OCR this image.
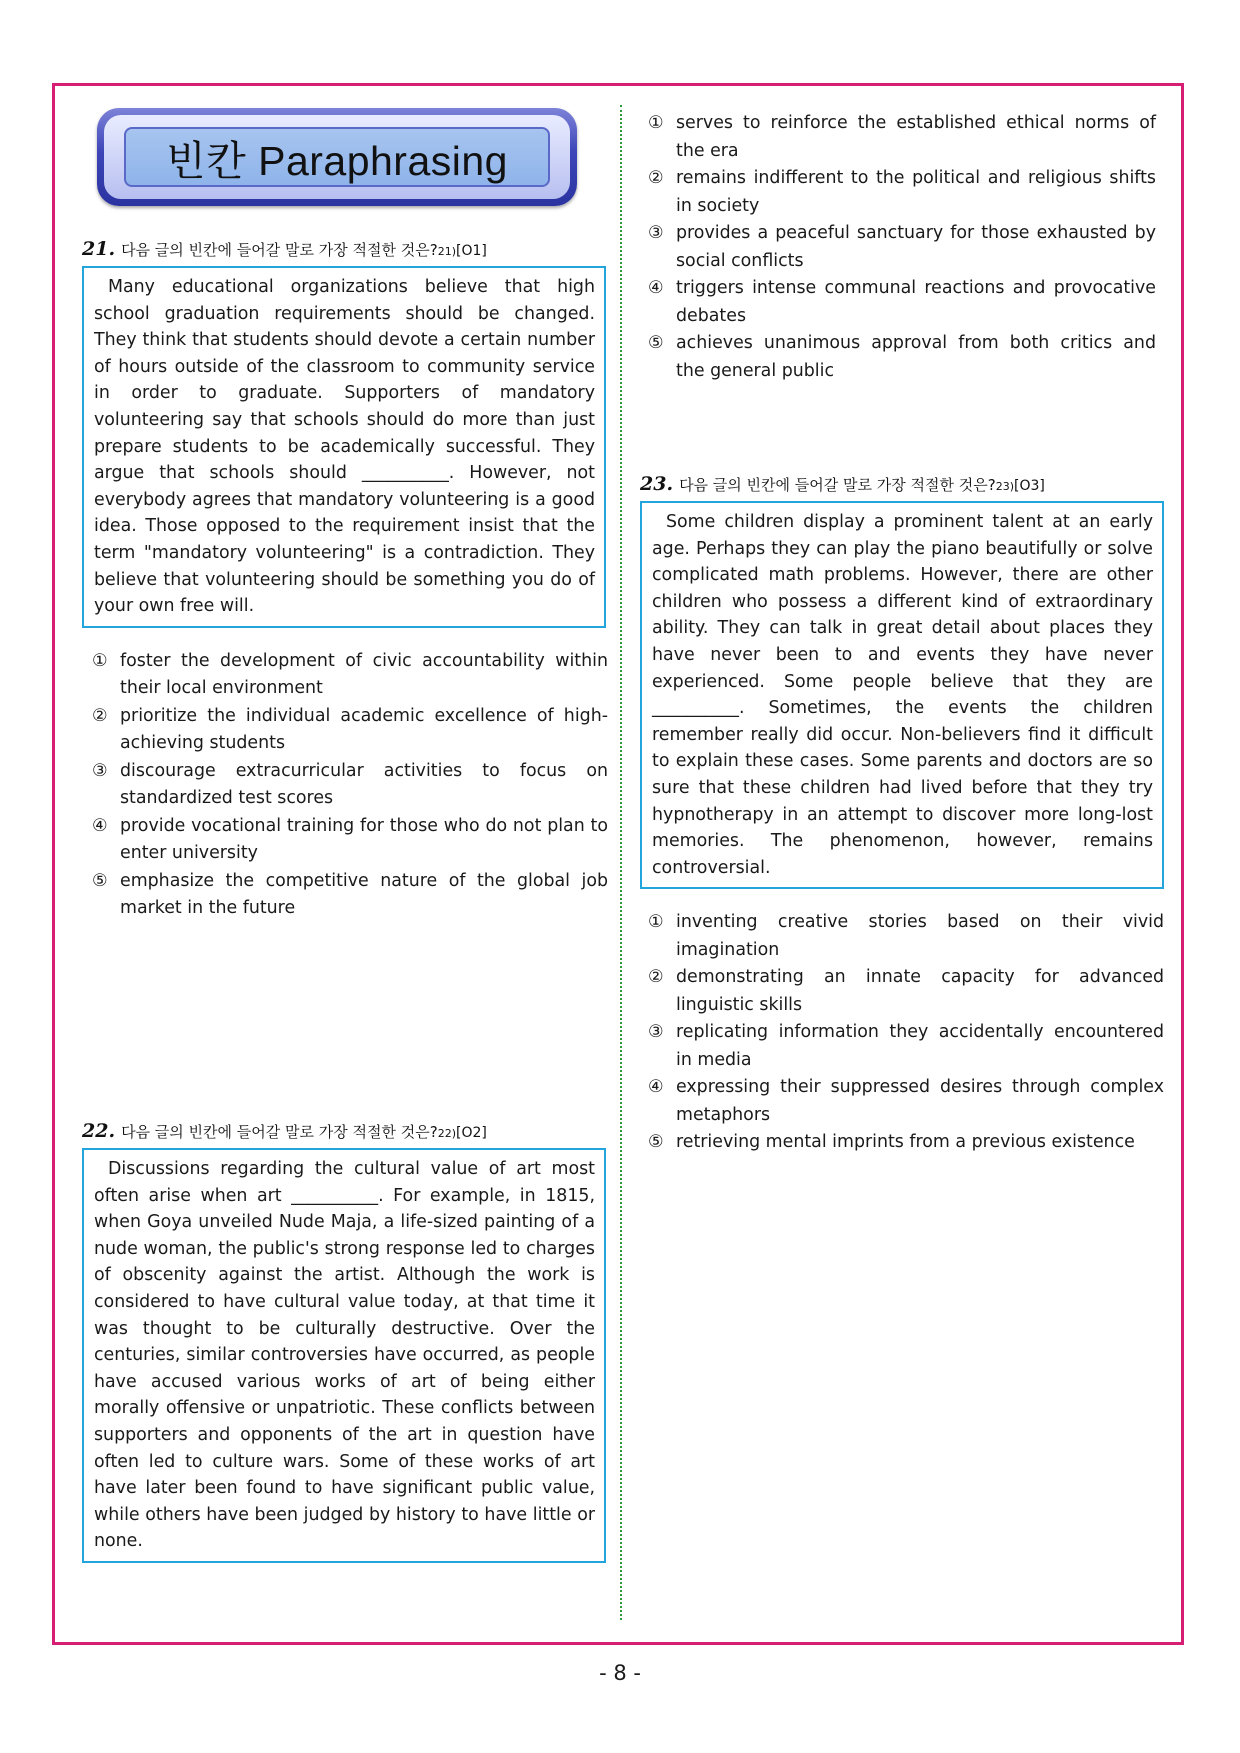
빈칸 Paraphrasing
21. 다음 글의 빈칸에 들어갈 말로 가장 적절한 것은? 21) [O1]

Many educational organizations believe that high school graduation requirements should be changed. They think that students should devote a certain number of hours outside of the classroom to community service in order to graduate. Supporters of mandatory volunteering say that schools should do more than just prepare students to be academically successful. They argue that schools should __________. However, not everybody agrees that mandatory volunteering is a good idea. Those opposed to the requirement insist that the term "mandatory volunteering" is a contradiction. They believe that volunteering should be something you do of your own free will.

① foster the development of civic accountability within their local environment
② prioritize the individual academic excellence of high-achieving students
③ discourage extracurricular activities to focus on standardized test scores
④ provide vocational training for those who do not plan to enter university
⑤ emphasize the competitive nature of the global job market in the future
22. 다음 글의 빈칸에 들어갈 말로 가장 적절한 것은? 22) [O2]

Discussions regarding the cultural value of art most often arise when art __________. For example, in 1815, when Goya unveiled Nude Maja, a life-sized painting of a nude woman, the public's strong response led to charges of obscenity against the artist. Although the work is considered to have cultural value today, at that time it was thought to be culturally destructive. Over the centuries, similar controversies have occurred, as people have accused various works of art of being either morally offensive or unpatriotic. These conflicts between supporters and opponents of the art in question have often led to culture wars. Some of these works of art have later been found to have significant public value, while others have been judged by history to have little or none.

① serves to reinforce the established ethical norms of the era
② remains indifferent to the political and religious shifts in society
③ provides a peaceful sanctuary for those exhausted by social conflicts
④ triggers intense communal reactions and provocative debates
⑤ achieves unanimous approval from both critics and the general public
23. 다음 글의 빈칸에 들어갈 말로 가장 적절한 것은? 23) [O3]

Some children display a prominent talent at an early age. Perhaps they can play the piano beautifully or solve complicated math problems. However, there are other children who possess a different kind of extraordinary ability. They can talk in great detail about places they have never been to and events they have never experienced. Some people believe that they are __________. Sometimes, the events the children remember really did occur. Non-believers find it difficult to explain these cases. Some parents and doctors are so sure that these children had lived before that they try hypnotherapy in an attempt to discover more long-lost memories. The phenomenon, however, remains controversial.

① inventing creative stories based on their vivid imagination
② demonstrating an innate capacity for advanced linguistic skills
③ replicating information they accidentally encountered in media
④ expressing their suppressed desires through complex metaphors
⑤ retrieving mental imprints from a previous existence
- 8 -
